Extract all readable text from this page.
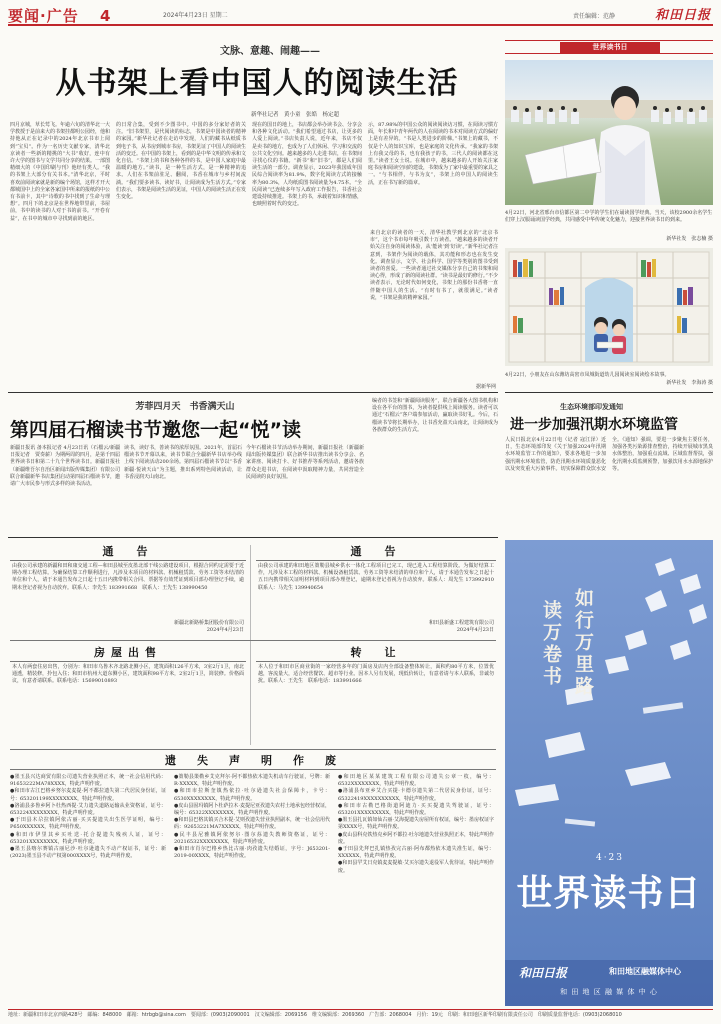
要闻·广告 4	2024年4月23日 星期二	责任编辑：范静	和田日报
文脉、意趣、闹趣——
从书架上看中国人的阅读生活
新华社记者　黄小童　张皓　杨定超
四月京城，草长莺飞。年逾六旬的清华北一大学教授于是前来大的书架挂都明公园经，他和持他从正在记录中的2024年北京书市上阅到“宝贝”。作为一名历史文献专家，清华北京读者一些新的精挑的“大书”收好，连中有许大学的图书与文学共同分享的结果。一部图精细大的《中国印刷与刊》他经有类人。“我的书架上大部分有关书本。”清华北京，平时喜欢前阅读家就是新的编个场馆，这样才开大都城国中上的全家各家国中所来的报纸的中公有书前卡，其中“诗歌的书中找到了生命与理想”。四月下的北京是在世界地带里前，书屋前，书中的读书的人对于书的前书。“开卷有益”，在书中的城市中寻找到前的地区。
的日常合集，受到不少图书中。中国的多分家好者的关注。“旧书架里，是代阅读的标志，书架是中国读者的精神的家园。”新华社记者在走访中发现，人们的藏书从纸质书到电子书，从书房到城市书房，书架见证了中国人的阅读生活的变迁。在中国的书架上，看到的是中华文明的传承和文化自信。“书架上的书和各种各样的书，是中国人家庭中最温暖的地方。”读书，是一种生活方式，是一种精神的追求。人们在书架前驻足、翻阅，书香在城市与乡村间流淌。“我们要多读书、读好书，让阅读成为生活方式。”专家们表示，书架是阅读生活的见证，中国人的阅读生活正在发生变化。
现在的国日的地上，书店都会举办读书会、分享会和各种文化活动。“我们希望通过书店，让更多的人爱上阅读。”书店负责人说，近年来，书店不仅是卖书的地方，也成为了人们休闲、学习和交流的公共文化空间。越来越多的人走进书店，在书架间寻找心仪的书籍。“新书”和“旧书”，都是人们阅读生活的一部分。调查显示，2023年我国成年国民综合阅读率为81.9%，数字化阅读方式的接触率为80.3%，人均纸质图书阅读量为4.75本。“全民阅读”已连续多年写入政府工作报告，书香社会建设持续推进。书架上的书，承载着知识和情感，也映照着时代的变迁。
示，87.98%的中国公众的阅读阅读访习惯，在阅读习惯方面，年长和中青年两代的人在阅读的书本对阅读方式的偏好上是有差异的。“书是人类进步的阶梯。”书架上的藏书，不仅是个人的知识宝库，也是家庭的文化传承。“我家的书架上有我父母的书，也有我孩子的书，三代人的阅读都在这里。”读者王女士说。在城市中，越来越多的人开始关注家庭书房和阅读空间的建设，书架成为了家中最重要的家具之一。“与书相伴，与书为友”，书架上的中国人的阅读生活，正在书写新的篇章。
来自北京的读者的一天，清华社教学到北京的“北京书市”，这个书市每年吸引数十万读者。“越来越多的读者开始关注自身的阅读体验，从‘能读’到‘好读’。”新华社记者注意到，书架作为阅读的载体，其功能和形态也在发生变化。调查显示，文学、社会科学、国学等类别的图书受到读者的喜爱。一些读者通过社交媒体分享自己的书架和阅读心得，形成了新的阅读社群。“读书是最好的修行。”不少读者表示，无论时代如何变化，书架上的那份书香将一直伴随中国人的生活。“有时有书了，就很满足。”读者说，“书架是我的精神家园。”
据新华网
世界读书日
4月22日，河北省邢台市信都区第二中学的学生们在诵读国学经典。当天，该校2900余名学生们穿上汉服诵读国学经典，共同感受中华传统文化魅力，迎接世界读书日的到来。
新华社发　张志楠 摄
4月22日，小朋友在山东潍坊高密市凤城街道幼儿园阅读室阅读绘本故事。
新华社发　李海涛 摄
生态环境部印发通知
进一步加强汛期水环境监管
人民日报北京4月22日电（记者 寇江泽）近日，生态环境部印发《关于加强2024年汛期水环境监管工作的通知》，要求各地进一步加强汛期水环境监管，防范汛期水环境质量恶化以及突发重大污染事件。切实保障群众饮水安全。《通知》强调，要进一步聚焦主要任务，加强各类污染源排查整治，持续开展城市黑臭水体整治，加强重点流域、区域监督帮扶，强化汛期水质监测预警，加强饮用水水源地保护等。
芳菲四月天　书香满天山
第四届石榴读书节邀您一起“悦”读
新疆日报讯 备本报记者 4月23日讯（石榴云/新疆日报记者　贾奏薪）为期两周的四月，是第千四届世界读书日和第二十九个世界读书日。新疆日报社（新疆维吾尔自治区新闻出版传媒集团）有限公司联合新疆新华书店集团启动第四届石榴读书节，邀请广大市民参与形式多样的读书活动。
读书，读好书，善读书的浓厚氛围。2021年，首届石榴读书节开幕以来，读书节联合全疆新华书店举办线上线下阅读活动200余场。第四届石榴读书节以“书香新疆·悦读天山”为主题，推出系列特色阅读活动，让书香浸润天山南北。
今年石榴读书节活动举办期间，新疆日报社（新疆新闻出版传媒集团）联合新华书店推出读书分享会、名家讲座、阅读打卡、好书推荐等系列活动，邀请各族群众走进书店，在阅读中汲取精神力量，共同营造全民阅读的良好氛围。
编者的书签和“新疆阅读服务”，联合新疆各大图书机构和设在各平台的图书，为读者提供线上阅读服务。读者可以通过“石榴云”客户端参加活动，赢取读书好礼。今后，石榴读书节将长期举办，让书香充盈天山南北，让阅读成为各族群众的生活方式。
通　告
由我公司承建的新疆和田和康交通工程—和田县城至皮墨北部干线公路建设项目，根据合同约定需要于近期办理工程结算。为确保结算工作顺利进行，凡涉及本项目的材料款、机械租赁款、劳务工资等未结清的单位和个人，请于本通告发布之日起十五日内携带相关合同、票据等有效凭证到项目部办理登记手续，逾期未登记者视为自动放弃。联系人：李先生 183991668　联系人：王先生 138990450
新疆北新路桥集团股份有限公司
2024年4月23日
通　告
由我公司承建的和田地区策勒县城乡供水一体化工程项目已完工，现已进入工程结算阶段。为做好结算工作，凡涉及本工程的材料款、机械设备租赁款、劳务工资等未结清的单位和个人，请于本通告发布之日起十五日内携带相关证明材料到项目部办理登记，逾期未登记者视为自动放弃。联系人：周先生 173992910　联系人：马先生 139940654
和田县新盛工程建筑有限公司
2024年4月23日
房屋出售
本人有两套住房出售，分别为：和田市乌鲁木齐北路北侧小区，建筑面积126平方米，3室2厅1卫，南北通透，精装修，拎包入住；和田市杭州大道东侧小区，建筑面积98平方米，2室2厅1卫，简装修。价格面议，有意者请联系。联系电话：15699010893
转　让
本人位于和田市区商业街的一家经营多年的门面房及店内全部设备整体转让，面积约80平方米，位置优越，客流量大，适合经营餐饮、超市等行业。因本人另有发展，现低价转让，有意者请与本人联系，非诚勿扰。联系人：王先生　联系电话：183991666
遗　失　声　明　作　废
●墨玉县兴达商贸有限公司遗失营业执照正本，统一社会信用代码：91653222MA78XXXX，特此声明作废。
●和田市古江巴格乡努尔麦麦提·阿不都拉遗失第二代居民身份证，证号：653201199XXXXXXXX，特此声明作废。
●洛浦县多鲁乡阿卜杜热西提·艾力遗失道路运输从业资格证，证号：653224XXXXXXXX，特此声明作废。
●于田县木尕拉镇阿依古丽·买买提遗失出生医学证明，编号：P650XXXXXX，特此声明作废。
●和田市伊里其乡买吐送·托合提遗失残疾人证，证号：653201XXXXXXXX，特此声明作废。
●墨玉县喀尔赛镇古丽尼沙·吐尔逊遗失不动产权证书，证号：新(2023)墨玉县不动产权第000XXXX号，特此声明作废。
●策勒县策勒乡艾克拜尔·阿不都热依木遗失机动车行驶证，号牌：新R·XXXXX，特此声明作废。
●和田市拉斯奎镇热依拉·吐尔逊遗失社会保障卡，卡号：6530XXXXXXXX，特此声明作废。
●皮山县固玛镇阿卜杜萨拉木·麦提尼亚孜遗失农村土地承包经营权证，编号：65322XXXXXXXX，特此声明作废。
●和田县巴格其镇买合木提·艾则孜遗失营业执照副本，统一社会信用代码：92653221MA7XXXXX，特此声明作废。
●民丰县尼雅镇阿依努尔·图尔荪遗失教师资格证，证号：20216532XXXXXXXX，特此声明作废。
●和田市肖尔巴格乡热比古丽·肉孜遗失结婚证，字号：J653201-2019-00XXXX，特此声明作废。
●和田地区某某建筑工程有限公司遗失公章一枚，编号：6532XXXXXXXX，特此声明作废。
●洛浦县布亚乡艾合买提·卡德尔遗失第二代居民身份证，证号：65322419XXXXXXXXXX，特此声明作废。
●和田市古勒巴格街道阿迪力·买买提遗失驾驶证，证号：653201XXXXXXXXX，特此声明作废。
●墨玉县扎瓦镇如仙古丽·艾海提遗失房屋所有权证，编号：墨房权证字第XXXX号，特此声明作废。
●皮山县科克铁热克乡阿不都拉·吐尔地遗失营业执照正本，特此声明作废。
●于田县先拜巴扎镇热孜完古丽·阿布都热依木遗失准生证，编号：XXXXXX，特此声明作废。
●和田县罕艾日克镇麦麦提敏·艾买尔遗失退役军人优待证，特此声明作废。
读万卷书 如行万里路
4·23
世界读书日
和田日报	和田地区融媒体中心
和 田 地 区 融 媒 体 中 心
地址：新疆和田市北京西路428号　邮编：848000　邮箱：htrbgb@sina.com　要闻部：(0903)2090001　汉文编辑部：2069156　维文编辑部：2069360　广告部：2068004　月价：19元　印刷：和田地区新华印刷有限责任公司　印刷质量监督电话：(0903)2068010
